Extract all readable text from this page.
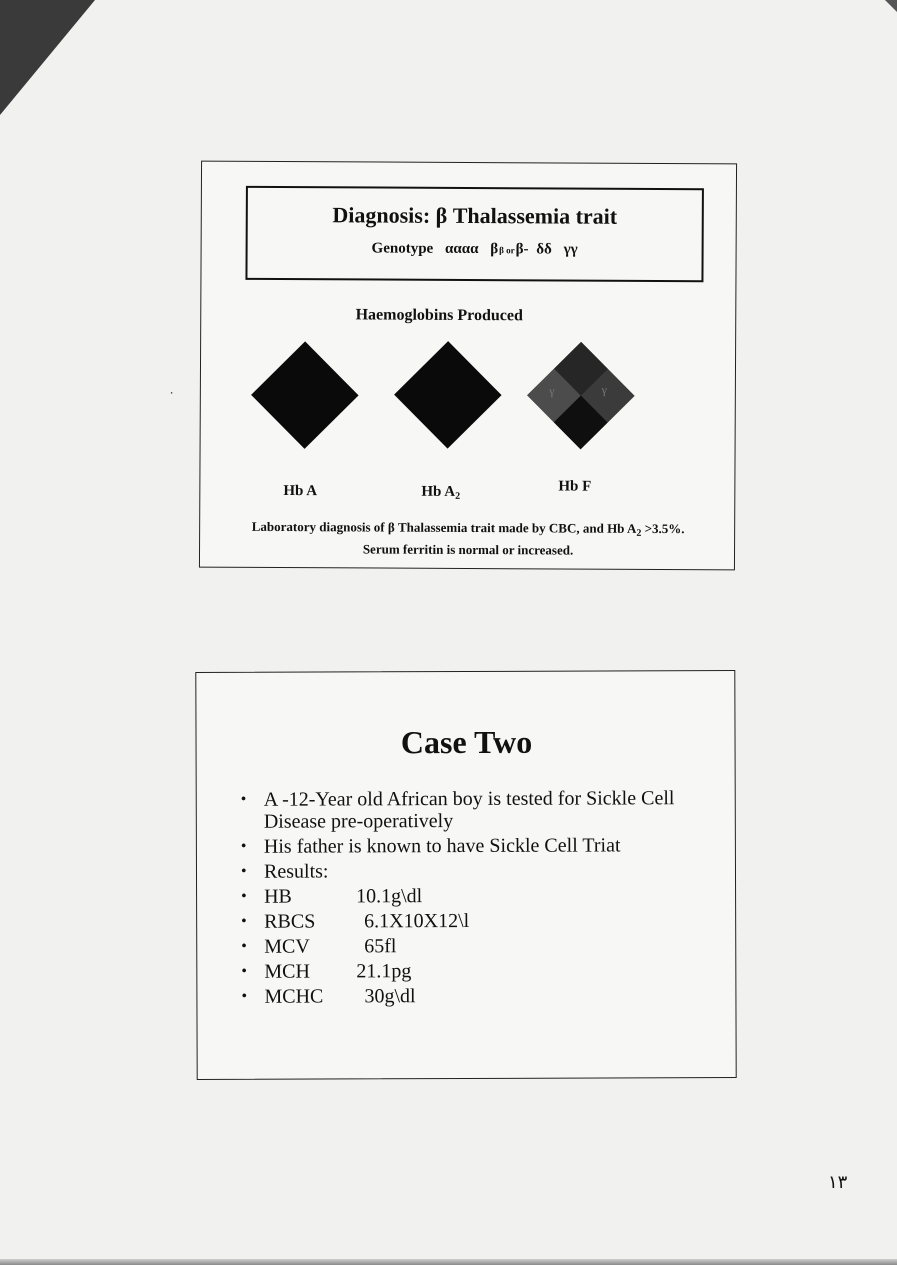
⸱
Diagnosis: β Thalassemia trait
Genotype αααα ββ orβ- δδ γγ
Haemoglobins Produced
γ
γ
Hb A	Hb $A_2$
Hb F
Laboratory diagnosis of β Thalassemia trait made by CBC, and Hb $A_2 >3.5\%$.
Serum ferritin is normal or increased.
Case Two
• A -12-Year old African boy is tested for Sickle Cell Disease pre-operatively
• His father is known to have Sickle Cell Triat
• Results:
• HB	10.1g\dl
• RBCS 6.1X10X12\l
• MCV	65fl
• MCH 21.1pg
• MCHC 30g\dl
١٣
